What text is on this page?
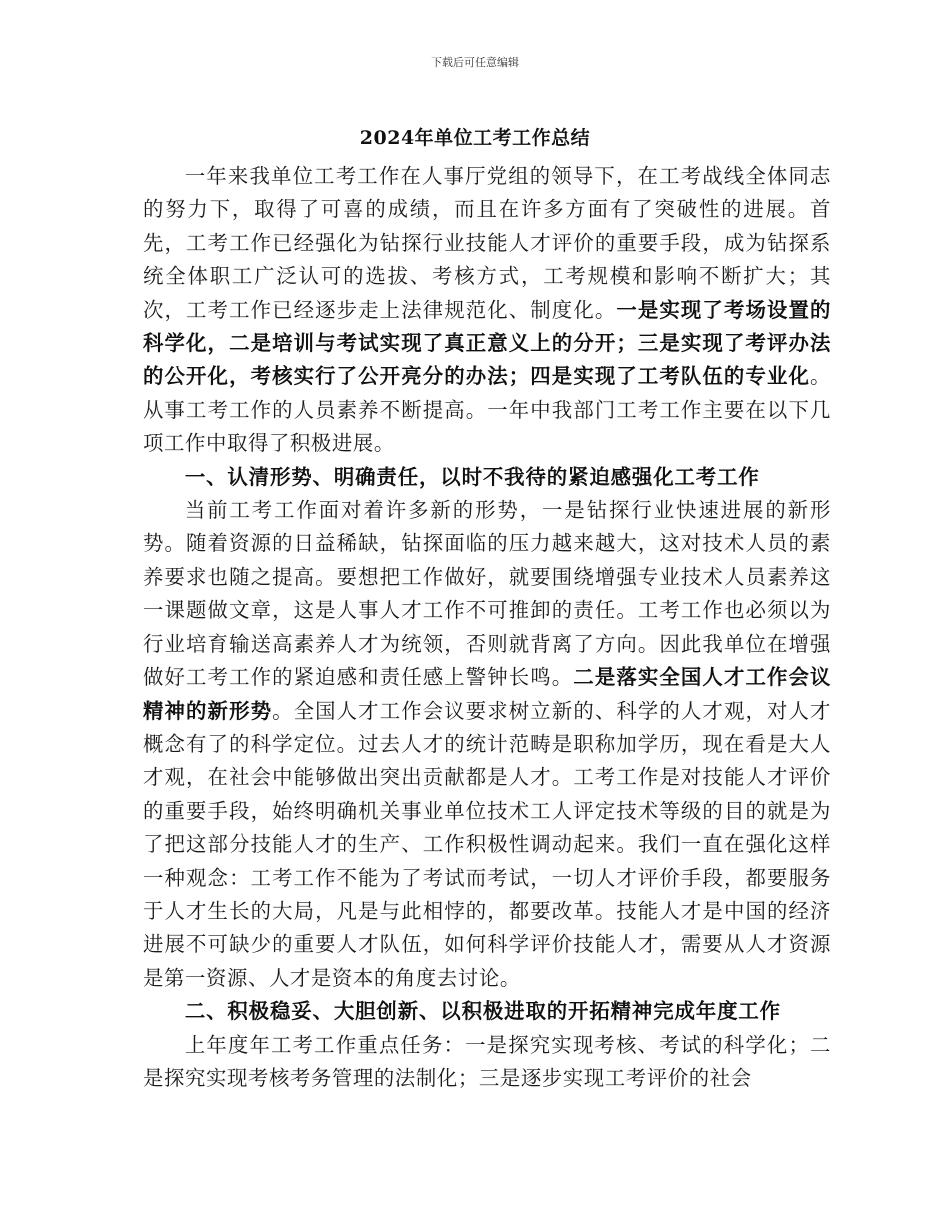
下载后可任意编辑
2024年单位工考工作总结

一年来我单位工考工作在人事厅党组的领导下，在工考战线全体同志的努力下，取得了可喜的成绩，而且在许多方面有了突破性的进展。首先，工考工作已经强化为钻探行业技能人才评价的重要手段，成为钻探系统全体职工广泛认可的选拔、考核方式，工考规模和影响不断扩大；其次，工考工作已经逐步走上法律规范化、制度化。一是实现了考场设置的科学化，二是培训与考试实现了真正意义上的分开；三是实现了考评办法的公开化，考核实行了公开亮分的办法；四是实现了工考队伍的专业化。从事工考工作的人员素养不断提高。一年中我部门工考工作主要在以下几项工作中取得了积极进展。

一、认清形势、明确责任，以时不我待的紧迫感强化工考工作

当前工考工作面对着许多新的形势，一是钻探行业快速进展的新形势。随着资源的日益稀缺，钻探面临的压力越来越大，这对技术人员的素养要求也随之提高。要想把工作做好，就要围绕增强专业技术人员素养这一课题做文章，这是人事人才工作不可推卸的责任。工考工作也必须以为行业培育输送高素养人才为统领，否则就背离了方向。因此我单位在增强做好工考工作的紧迫感和责任感上警钟长鸣。二是落实全国人才工作会议精神的新形势。全国人才工作会议要求树立新的、科学的人才观，对人才概念有了的科学定位。过去人才的统计范畴是职称加学历，现在看是大人才观，在社会中能够做出突出贡献都是人才。工考工作是对技能人才评价的重要手段，始终明确机关事业单位技术工人评定技术等级的目的就是为了把这部分技能人才的生产、工作积极性调动起来。我们一直在强化这样一种观念：工考工作不能为了考试而考试，一切人才评价手段，都要服务于人才生长的大局，凡是与此相悖的，都要改革。技能人才是中国的经济进展不可缺少的重要人才队伍，如何科学评价技能人才，需要从人才资源是第一资源、人才是资本的角度去讨论。

二、积极稳妥、大胆创新、以积极进取的开拓精神完成年度工作

上年度年工考工作重点任务：一是探究实现考核、考试的科学化；二是探究实现考核考务管理的法制化；三是逐步实现工考评价的社会
